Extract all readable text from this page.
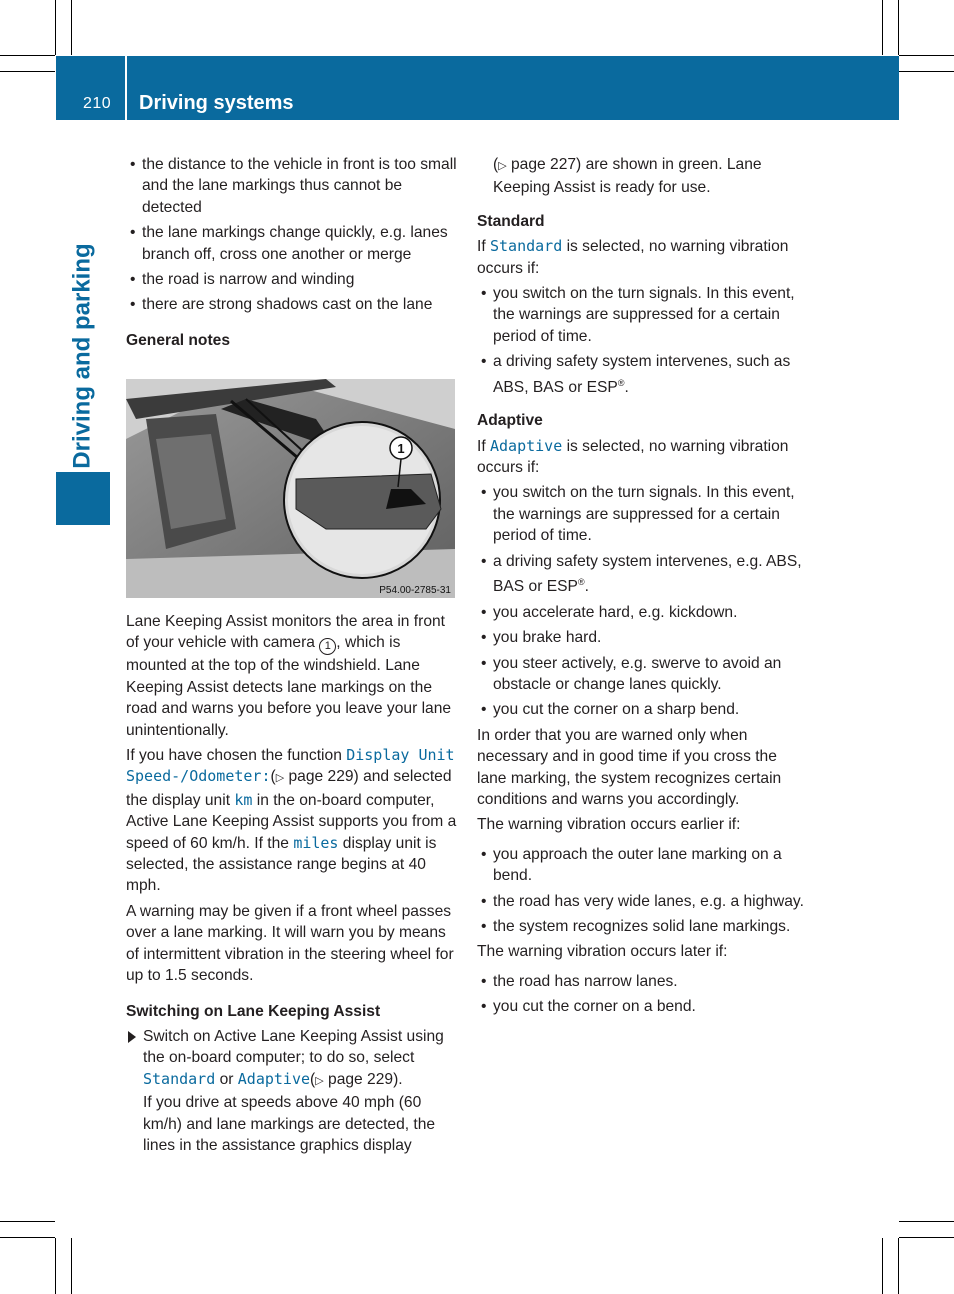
210 Driving systems
Driving and parking
• the distance to the vehicle in front is too small and the lane markings thus cannot be detected
• the lane markings change quickly, e.g. lanes branch off, cross one another or merge
• the road is narrow and winding
• there are strong shadows cast on the lane
General notes
1
P54.00-2785-31

Lane Keeping Assist monitors the area in front of your vehicle with camera 1 , which is mounted at the top of the windshield. Lane Keeping Assist detects lane markings on the road and warns you before you leave your lane unintentionally.

If you have chosen the function Display Unit Speed-/Odometer:(▷ page 229) and selected the display unit km in the on-board computer, Active Lane Keeping Assist supports you from a speed of 60 km/h. If the miles display unit is selected, the assistance range begins at 40 mph.

A warning may be given if a front wheel passes over a lane marking. It will warn you by means of intermittent vibration in the steering wheel for up to 1.5 seconds.

Switching on Lane Keeping Assist
Switch on Active Lane Keeping Assist using the on-board computer; to do so, select Standard or Adaptive(▷ page 229).
If you drive at speeds above 40 mph (60 km/h) and lane markings are detected, the lines in the assistance graphics display

(▷ page 227) are shown in green. Lane Keeping Assist is ready for use.

Standard

If Standard is selected, no warning vibration occurs if:

• you switch on the turn signals. In this event, the warnings are suppressed for a certain period of time.
• a driving safety system intervenes, such as ABS, BAS or ESP®.
Adaptive

If Adaptive is selected, no warning vibration occurs if:

• you switch on the turn signals. In this event, the warnings are suppressed for a certain period of time.
• a driving safety system intervenes, e.g. ABS, BAS or ESP®.
• you accelerate hard, e.g. kickdown.
• you brake hard.
• you steer actively, e.g. swerve to avoid an obstacle or change lanes quickly.
• you cut the corner on a sharp bend.

In order that you are warned only when necessary and in good time if you cross the lane marking, the system recognizes certain conditions and warns you accordingly.

The warning vibration occurs earlier if:

• you approach the outer lane marking on a bend.
• the road has very wide lanes, e.g. a highway.
• the system recognizes solid lane markings.

The warning vibration occurs later if:

• the road has narrow lanes.
• you cut the corner on a bend.
